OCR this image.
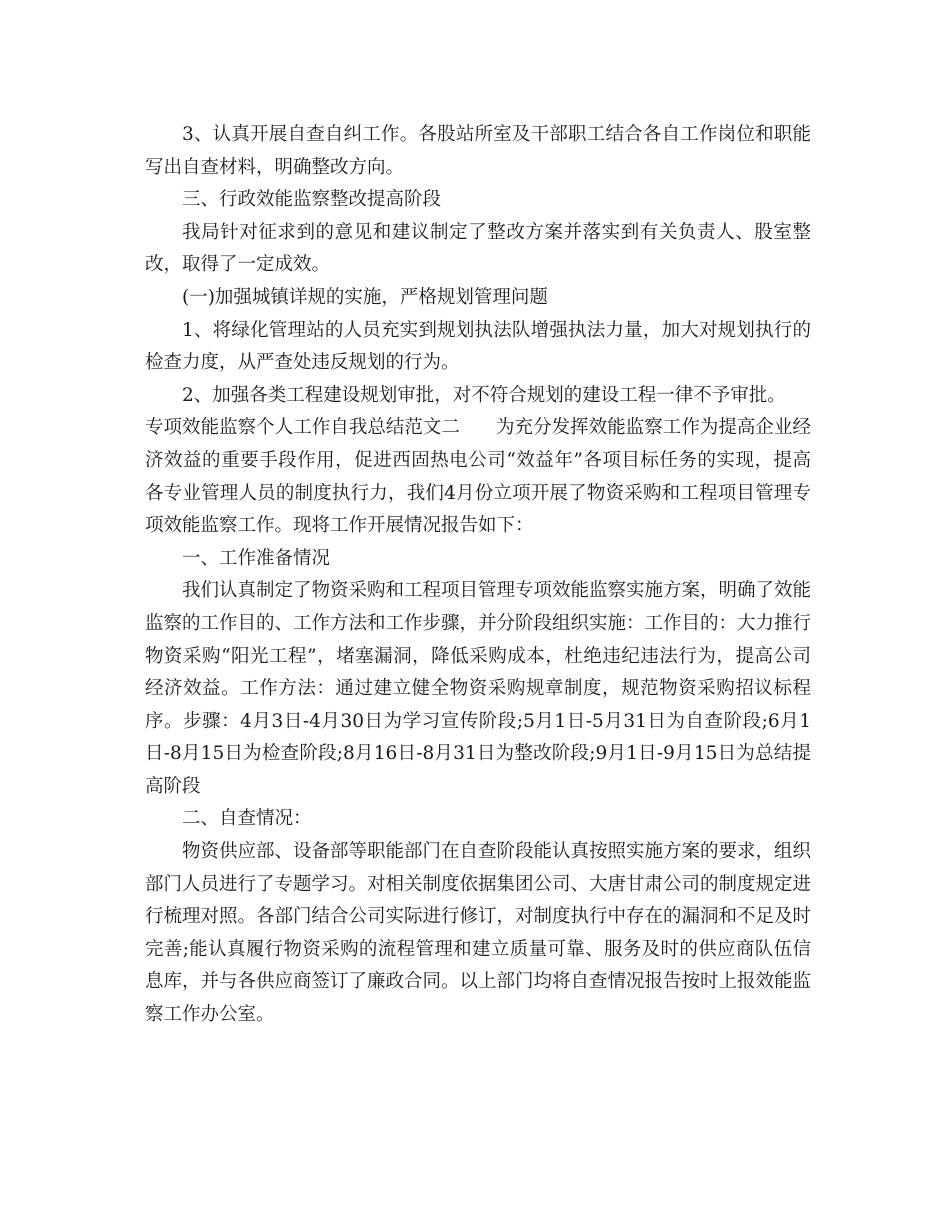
3、认真开展自查自纠工作。各股站所室及干部职工结合各自工作岗位和职能写出自查材料，明确整改方向。

三、行政效能监察整改提高阶段

我局针对征求到的意见和建议制定了整改方案并落实到有关负责人、股室整改，取得了一定成效。

(一)加强城镇详规的实施，严格规划管理问题

1、将绿化管理站的人员充实到规划执法队增强执法力量，加大对规划执行的检查力度，从严查处违反规划的行为。

2、加强各类工程建设规划审批，对不符合规划的建设工程一律不予审批。

专项效能监察个人工作自我总结范文二 为充分发挥效能监察工作为提高企业经济效益的重要手段作用，促进西固热电公司“效益年”各项目标任务的实现，提高各专业管理人员的制度执行力，我们4月份立项开展了物资采购和工程项目管理专项效能监察工作。现将工作开展情况报告如下：

一、工作准备情况

我们认真制定了物资采购和工程项目管理专项效能监察实施方案，明确了效能监察的工作目的、工作方法和工作步骤，并分阶段组织实施：工作目的：大力推行物资采购“阳光工程”，堵塞漏洞，降低采购成本，杜绝违纪违法行为，提高公司经济效益。工作方法：通过建立健全物资采购规章制度，规范物资采购招议标程序。步骤：4月3日-4月30日为学习宣传阶段;5月1日-5月31日为自查阶段;6月1日-8月15日为检查阶段;8月16日-8月31日为整改阶段;9月1日-9月15日为总结提高阶段

二、自查情况：

物资供应部、设备部等职能部门在自查阶段能认真按照实施方案的要求，组织部门人员进行了专题学习。对相关制度依据集团公司、大唐甘肃公司的制度规定进行梳理对照。各部门结合公司实际进行修订，对制度执行中存在的漏洞和不足及时完善;能认真履行物资采购的流程管理和建立质量可靠、服务及时的供应商队伍信息库，并与各供应商签订了廉政合同。以上部门均将自查情况报告按时上报效能监察工作办公室。
